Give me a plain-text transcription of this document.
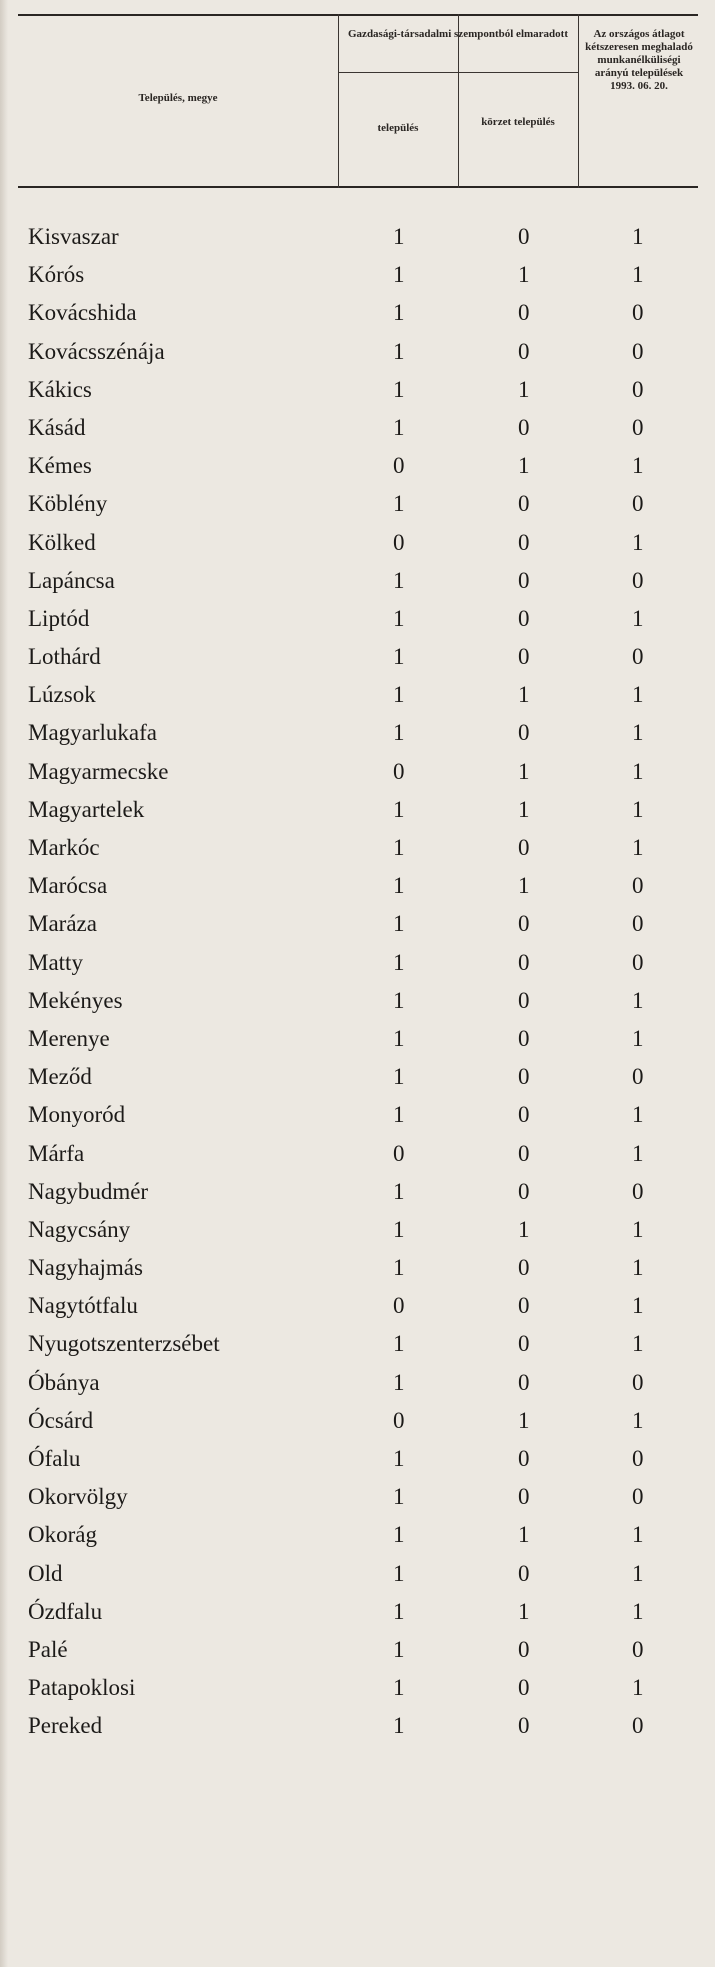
Település, megye
Gazdasági-társadalmi szempontból elmaradott
település	körzet település
Az országos átlagot kétszeresen meghaladó munkanélküliségi arányú települések 1993. 06. 20.
Kisvaszar	1	0	1
Kórós	1	1	1
Kovácshida	1	0	0
Kovácsszénája	1	0	0
Kákics	1	1	0
Kásád	1	0	0
Kémes	0	1	1
Köblény	1	0	0
Kölked	0	0	1
Lapáncsa	1	0	0
Liptód	1	0	1
Lothárd	1	0	0
Lúzsok	1	1	1
Magyarlukafa	1	0	1
Magyarmecske	0	1	1
Magyartelek	1	1	1
Markóc	1	0	1
Marócsa	1	1	0
Maráza	1	0	0
Matty	1	0	0
Mekényes	1	0	1
Merenye	1	0	1
Meződ	1	0	0
Monyoród	1	0	1
Márfa	0	0	1
Nagybudmér	1	0	0
Nagycsány	1	1	1
Nagyhajmás	1	0	1
Nagytótfalu	0	0	1
Nyugotszenterzsébet	1	0	1
Óbánya	1	0	0
Ócsárd	0	1	1
Ófalu	1	0	0
Okorvölgy	1	0	0
Okorág	1	1	1
Old	1	0	1
Ózdfalu	1	1	1
Palé	1	0	0
Patapoklosi	1	0	1
Pereked	1	0	0
